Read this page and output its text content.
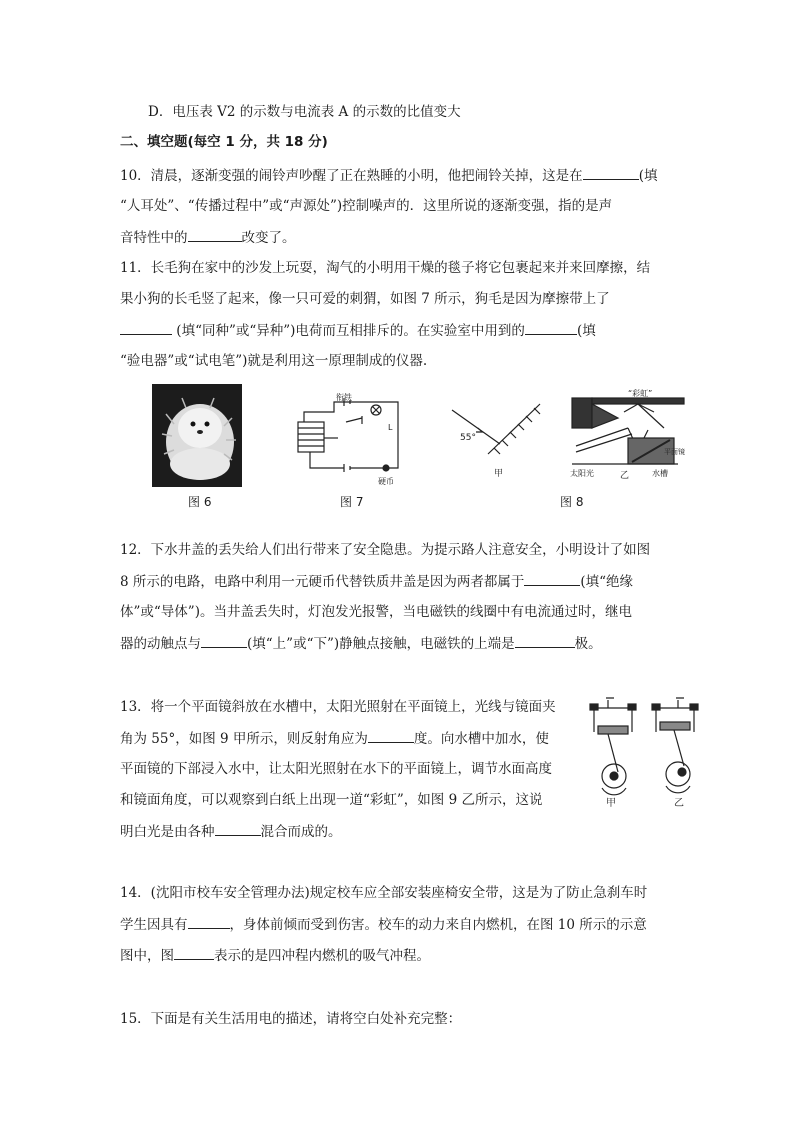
D．电压表 V2 的示数与电流表 A 的示数的比值变大
二、填空题(每空 1 分，共 18 分)
10．清晨，逐渐变强的闹铃声吵醒了正在熟睡的小明，他把闹铃关掉，这是在	(填
“人耳处”、“传播过程中”或“声源处”)控制噪声的．这里所说的逐渐变强，指的是声
音特性中的	改变了。
11．长毛狗在家中的沙发上玩耍，淘气的小明用干燥的毯子将它包裹起来并来回摩擦，结
果小狗的长毛竖了起来，像一只可爱的刺猬，如图 7 所示，狗毛是因为摩擦带上了
(填“同种”或“异种”)电荷而互相排斥的。在实验室中用到的	(填
“验电器”或“试电笔”)就是利用这一原理制成的仪器.
图 6
衔铁
L
硬币
图 7
55°
甲
“彩虹”
太阳光
平面镜
水槽
乙
图 8
12．下水井盖的丢失给人们出行带来了安全隐患。为提示路人注意安全，小明设计了如图
8 所示的电路，电路中利用一元硬币代替铁质井盖是因为两者都属于	(填“绝缘
体”或“导体”)。当井盖丢失时，灯泡发光报警，当电磁铁的线圈中有电流通过时，继电
器的动触点与	(填“上”或“下”)静触点接触，电磁铁的上端是	极。
13．将一个平面镜斜放在水槽中，太阳光照射在平面镜上，光线与镜面夹
角为 55°，如图 9 甲所示，则反射角应为	度。向水槽中加水，使
平面镜的下部浸入水中，让太阳光照射在水下的平面镜上，调节水面高度
和镜面角度，可以观察到白纸上出现一道“彩虹”，如图 9 乙所示，这说
明白光是由各种	混合而成的。
甲	乙
14．(沈阳市校车安全管理办法)规定校车应全部安装座椅安全带，这是为了防止急刹车时
学生因具有	，身体前倾而受到伤害。校车的动力来自内燃机，在图 10 所示的示意
图中，图	表示的是四冲程内燃机的吸气冲程。
15．下面是有关生活用电的描述，请将空白处补充完整：
